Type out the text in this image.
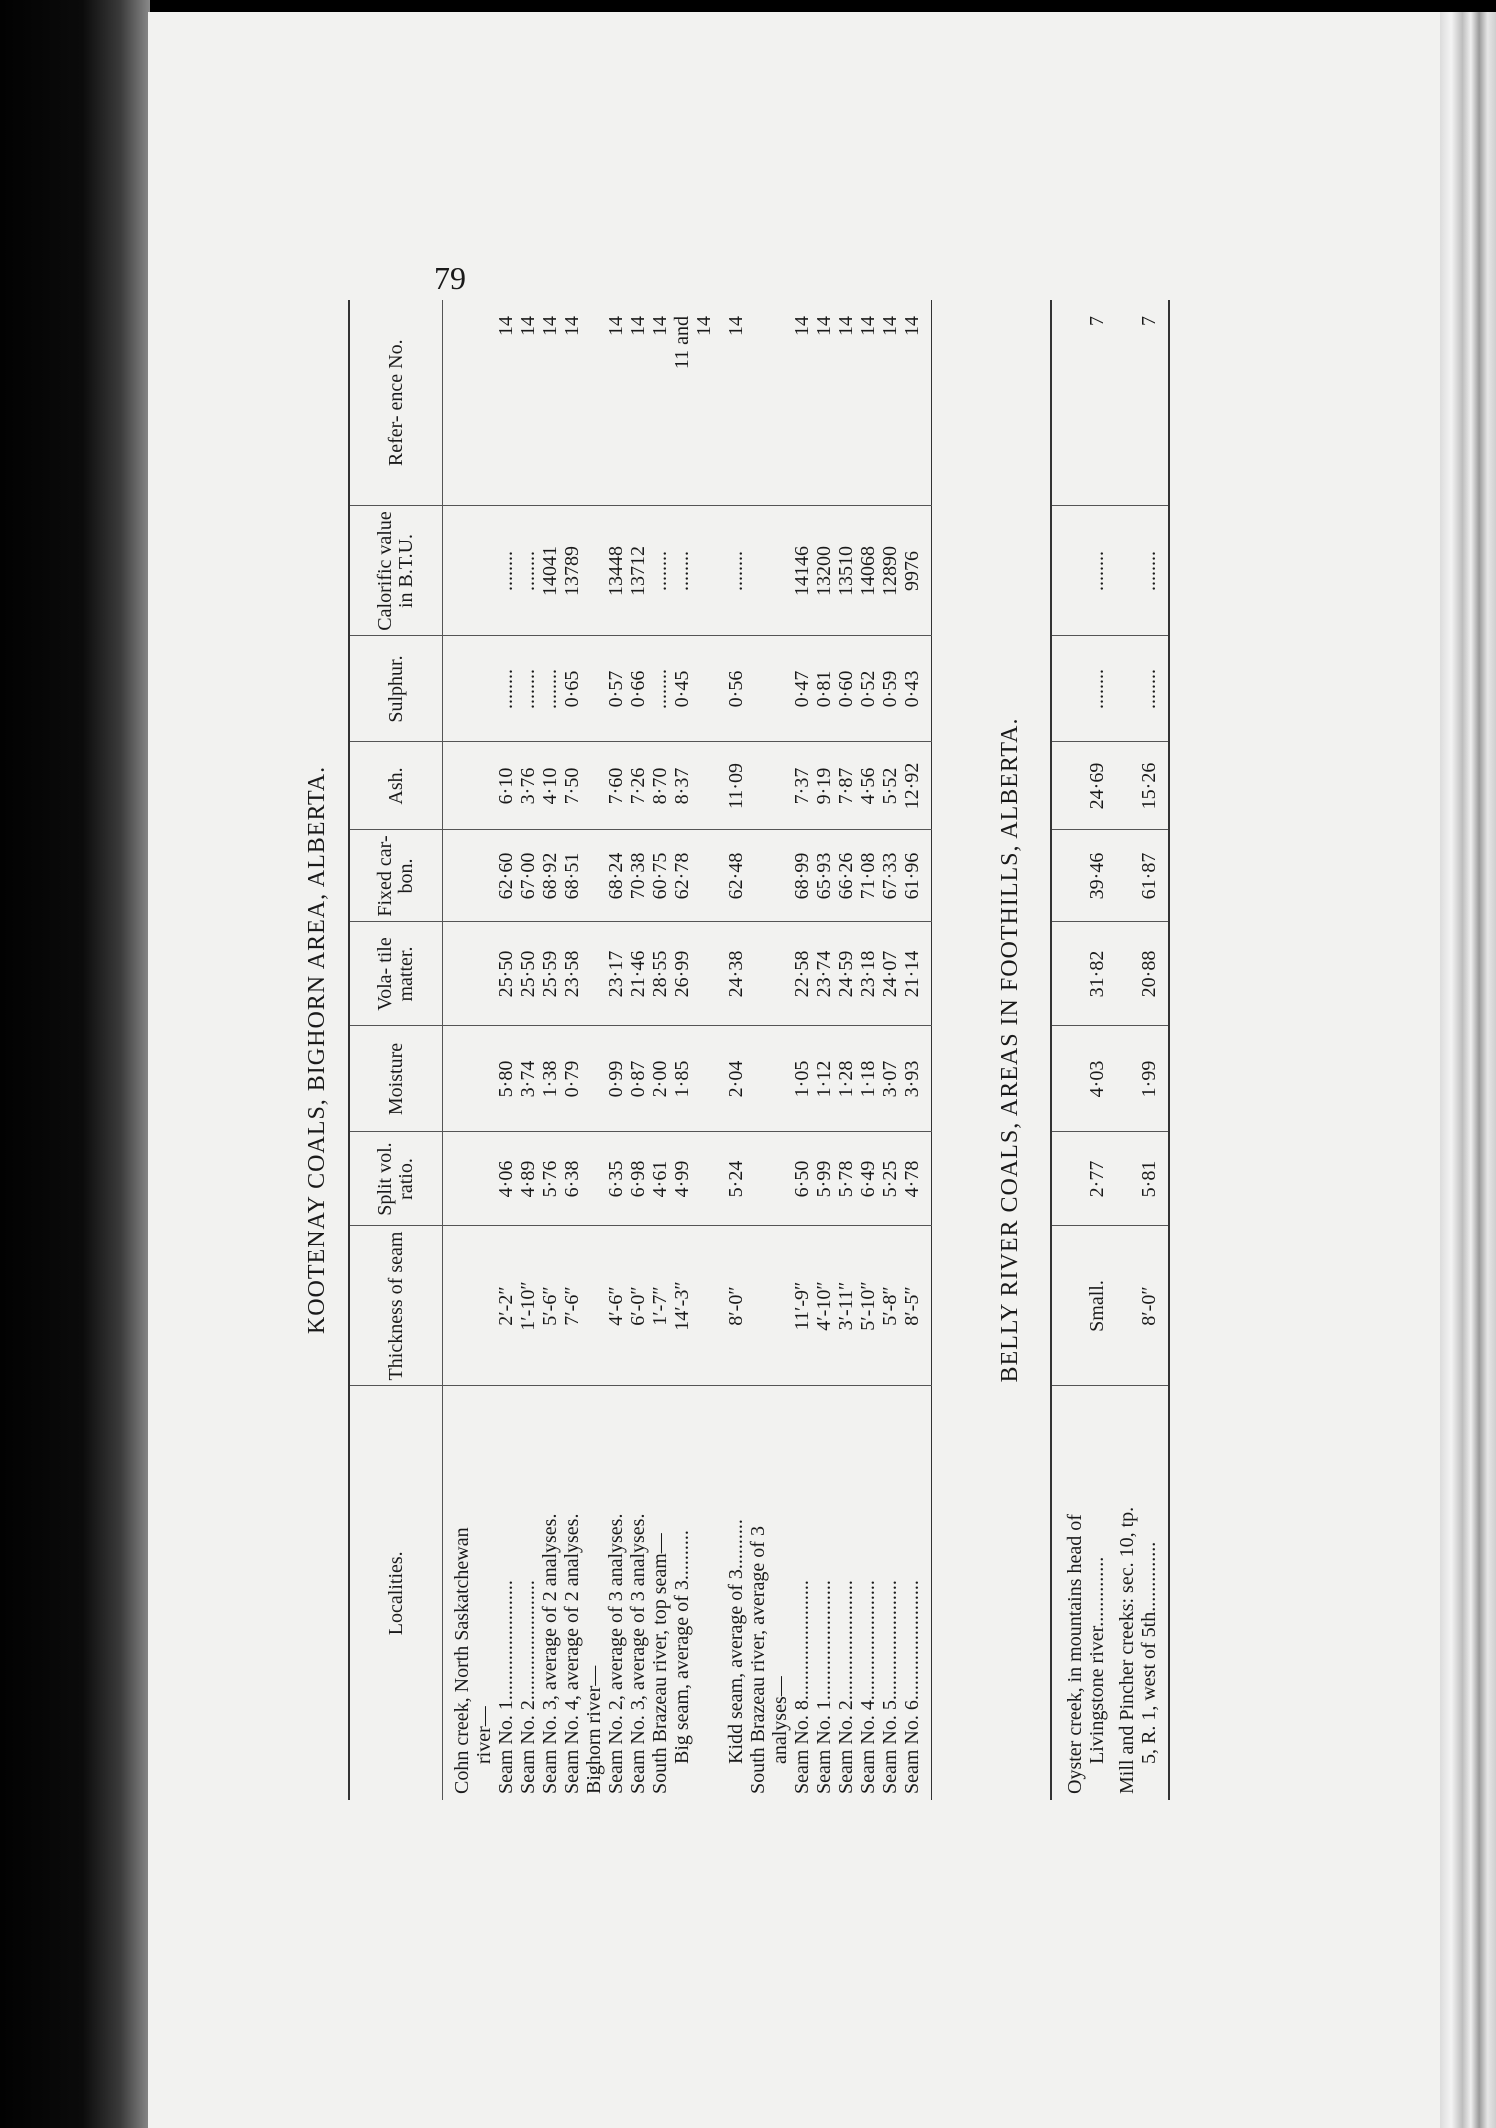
79
KOOTENAY COALS, BIGHORN AREA, ALBERTA.
Localities.	Thickness of seam	Split vol. ratio.	Moisture	Vola- tile matter.	Fixed car- bon.	Ash.	Sulphur.	Calorific value in B.T.U.	Refer- ence No.
Cohn creek, North Saskatchewan									
river—									
Seam No. 1........................	2′-2″	4·06	5·80	25·50	62·60	6·10	........	........	14
Seam No. 2........................	1′-10″	4·89	3·74	25·50	67·00	3·76	........	........	14
Seam No. 3, average of 2 analyses.	5′-6″	5·76	1·38	25·59	68·92	4·10	........	14041	14
Seam No. 4, average of 2 analyses.	7′-6″	6·38	0·79	23·58	68·51	7·50	0·65	13789	14
Bighorn river—									
Seam No. 2, average of 3 analyses.	4′-6″	6·35	0·99	23·17	68·24	7·60	0·57	13448	14
Seam No. 3, average of 3 analyses.	6′-0″	6·98	0·87	21·46	70·38	7·26	0·66	13712	14
South Brazeau river, top seam—	1′-7″	4·61	2·00	28·55	60·75	8·70	........	........	14
Big seam, average of 3..........	14′-3″	4·99	1·85	26·99	62·78	8·37	0·45	........	11 and
									14
Kidd seam, average of 3..........	8′-0″	5·24	2·04	24·38	62·48	11·09	0·56	........	14
South Brazeau river, average of 3									
analyses—									
Seam No. 8........................	11′-9″	6·50	1·05	22·58	68·99	7·37	0·47	14146	14
Seam No. 1........................	4′-10″	5·99	1·12	23·74	65·93	9·19	0·81	13200	14
Seam No. 2........................	3′-11″	5·78	1·28	24·59	66·26	7·87	0·60	13510	14
Seam No. 4........................	5′-10″	6·49	1·18	23·18	71·08	4·56	0·52	14068	14
Seam No. 5........................	5′-8″	5·25	3·07	24·07	67·33	5·52	0·59	12890	14
Seam No. 6........................	8′-5″	4·78	3·93	21·14	61·96	12·92	0·43	9976	14
BELLY RIVER COALS, AREAS IN FOOTHILLS, ALBERTA.
Oyster creek, in mountains head of									
Livingstone river..............	Small.	2·77	4·03	31·82	39·46	24·69	........	........	7
Mill and Pincher creeks: sec. 10, tp.									
5, R. 1, west of 5th..............	8′-0″	5·81	1·99	20·88	61·87	15·26	........	........	7
